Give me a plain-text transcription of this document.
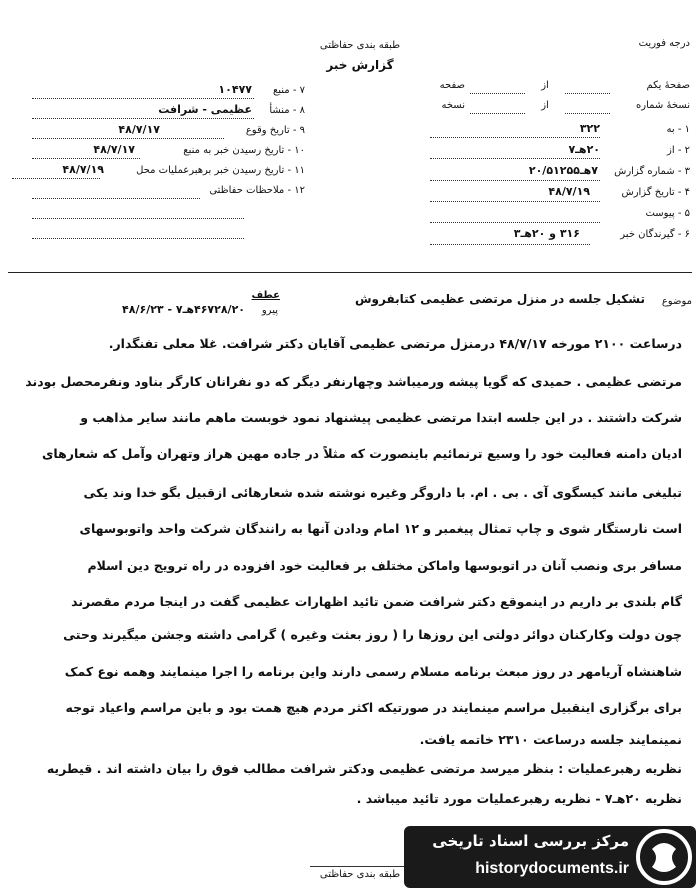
طبقه بندی حفاظتی
گزارش خبر
درجه فوریت
صفحهٔ یکم
از
صفحه
نسخهٔ شماره
از
نسخه
۱ - به
۳۲۲
۲ - از
۲۰هـ۷
۳ - شماره گزارش
۷هـ۲۰/۵۱۲۵۵
۴ - تاریخ گزارش
۴۸/۷/۱۹
۵ - پیوست
۶ - گیرندگان خبر
۳۱۶ و ۲۰هـ۳
۷ - منبع
۱۰۴۷۷
۸ - منشأ
عظیمی - شرافت
۹ - تاریخ وقوع
۴۸/۷/۱۷
۱۰ - تاریخ رسیدن خبر به منبع
۴۸/۷/۱۷
۱۱ - تاریخ رسیدن خبر برهبرعملیات محل
۴۸/۷/۱۹
۱۲ - ملاحظات حفاظتی
موضوع
تشکیل جلسه در منزل مرتضی عظیمی کتابفروش
عطف
پیرو
۴۶۷۲۸/۲۰هـ۷ - ۴۸/۶/۲۳
درساعت ۲۱۰۰ مورخه ۴۸/۷/۱۷ درمنزل مرتضی عظیمی آقایان دکتر شرافت. غلا معلی تفنگدار.
مرتضی عظیمی . حمیدی که گویا پیشه ورمیباشد وچهارنفر دیگر که دو نفرانان کارگر بناود ونفرمحصل بودند
شرکت داشتند . در این جلسه ابتدا مرتضی عظیمی پیشنهاد نمود خوبست ماهم مانند سایر مذاهب و
ادیان دامنه فعالیت خود را وسیع ترنمائیم باینصورت که مثلاً در جاده مهین هراز وتهران وآمل که شعارهای
تبلیغی مانند کیسگوی آی . بی . ام. با داروگر وغیره نوشته شده شعارهائی ازقبیل بگو خدا وند یکی
است نارستگار شوی و چاپ تمثال پیغمبر و ۱۲ امام ودادن آنها به رانندگان شرکت واحد واتوبوسهای
مسافر بری ونصب آنان در اتوبوسها واماکن مختلف بر فعالیت خود افزوده در راه ترویج دین اسلام
گام بلندی بر داریم در اینموقع دکتر شرافت ضمن تائید اظهارات عظیمی گفت در اینجا مردم مقصرند
چون دولت وکارکنان دوائر دولتی این روزها را ( روز بعثت وغیره ) گرامی داشته وجشن میگیرند وحتی
شاهنشاه آریامهر در روز مبعث برنامه مسلام رسمی دارند واین برنامه را اجرا مینمایند وهمه نوع کمک
برای برگزاری اینقبیل مراسم مینمایند در صورتیکه اکثر مردم هیچ همت بود و باین مراسم واعیاد توجه
نمینمایند جلسه درساعت ۲۳۱۰ خاتمه یافت.
نظریه رهبرعملیات : بنظر میرسد مرتضی عظیمی ودکتر شرافت مطالب فوق را بیان داشته اند . قیطریه
نظریه ۲۰هـ۷ - نظریه رهبرعملیات مورد تائید میباشد .
طبقه بندی حفاظتی
مرکز بررسی اسناد تاریخی
historydocuments.ir
